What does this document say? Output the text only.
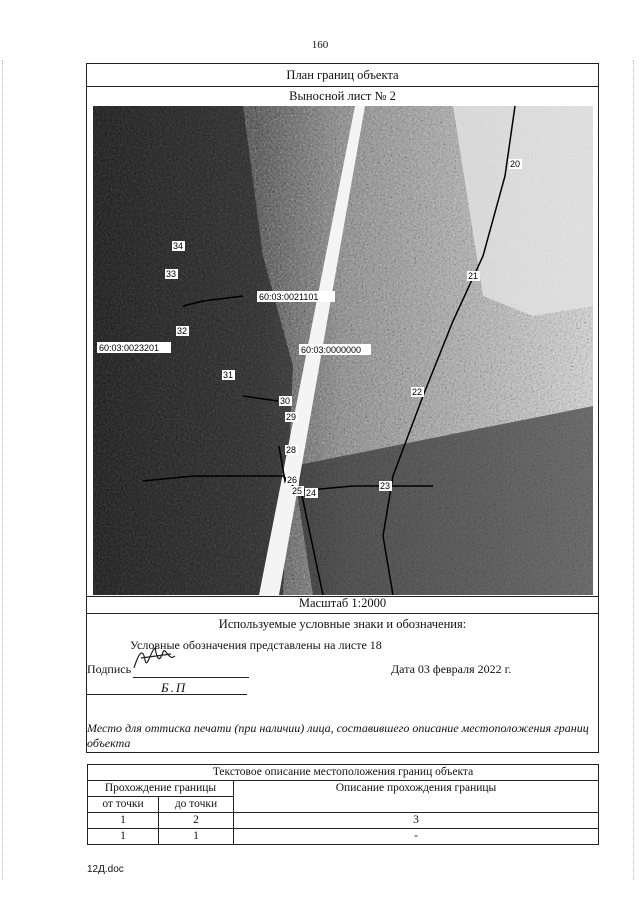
160
План границ объекта
Выносной лист № 2
60:03:0021101
60:03:0023201	60:03:0000000
20
21
22
23
24
25
26
28
29
30
31
32
33
34
Масштаб 1:2000
Используемые условные знаки и обозначения:
Условные обозначения представлены на листе 18
Подпись	Дата 03 февраля 2022 г.
Б.П
Место для оттиска печати (при наличии) лица, составившего описание местоположения границ объекта
Текстовое описание местоположения границ объекта		
Прохождение границы		Описание прохождения границы
от точки	до точки	
1	2	3
1	1	-
12Д.doc
